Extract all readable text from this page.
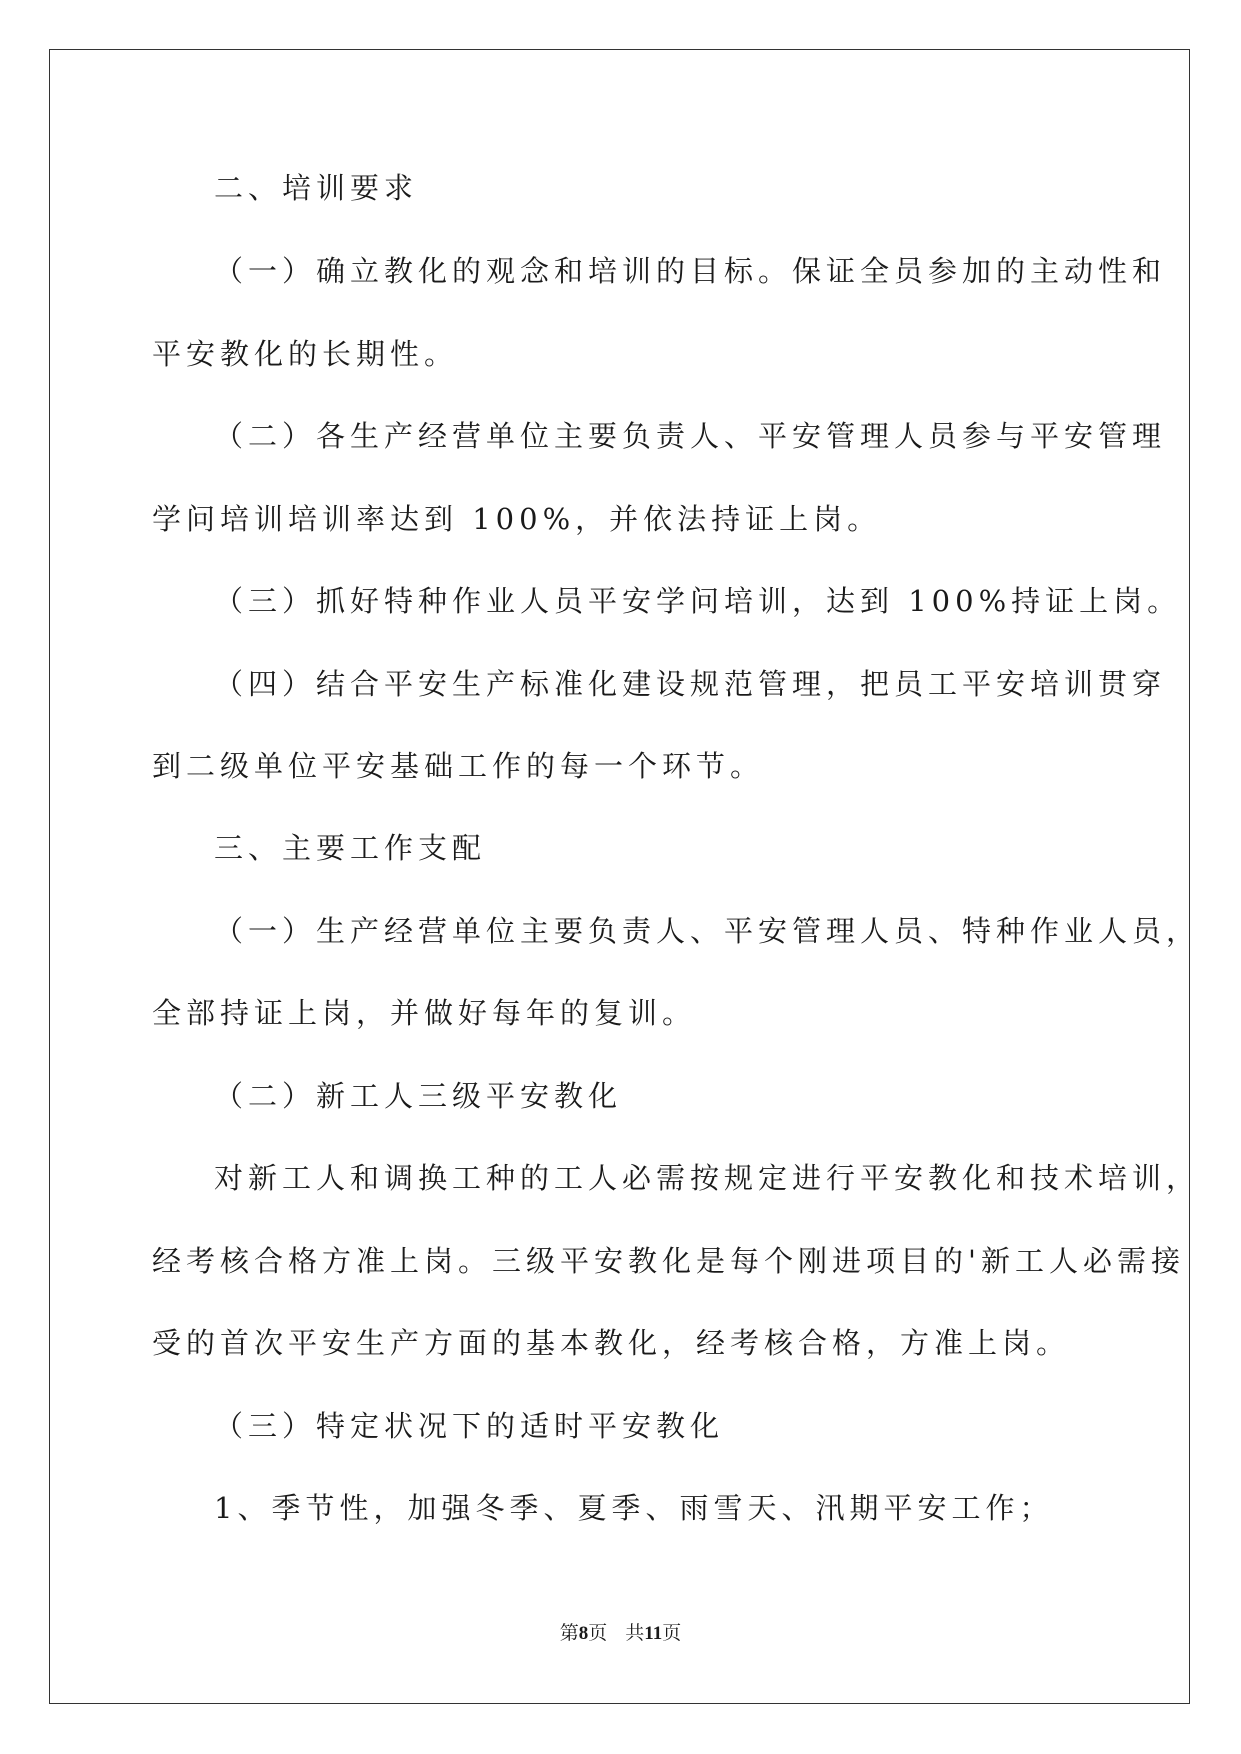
二、培训要求
（一）确立教化的观念和培训的目标。保证全员参加的主动性和
平安教化的长期性。
（二）各生产经营单位主要负责人、平安管理人员参与平安管理
学问培训培训率达到 100%，并依法持证上岗。
（三）抓好特种作业人员平安学问培训，达到 100%持证上岗。
（四）结合平安生产标准化建设规范管理，把员工平安培训贯穿
到二级单位平安基础工作的每一个环节。
三、主要工作支配
（一）生产经营单位主要负责人、平安管理人员、特种作业人员，
全部持证上岗，并做好每年的复训。
（二）新工人三级平安教化
对新工人和调换工种的工人必需按规定进行平安教化和技术培训，
经考核合格方准上岗。三级平安教化是每个刚进项目的'新工人必需接
受的首次平安生产方面的基本教化，经考核合格，方准上岗。
（三）特定状况下的适时平安教化
1、季节性，加强冬季、夏季、雨雪天、汛期平安工作；
第8页 共11页
